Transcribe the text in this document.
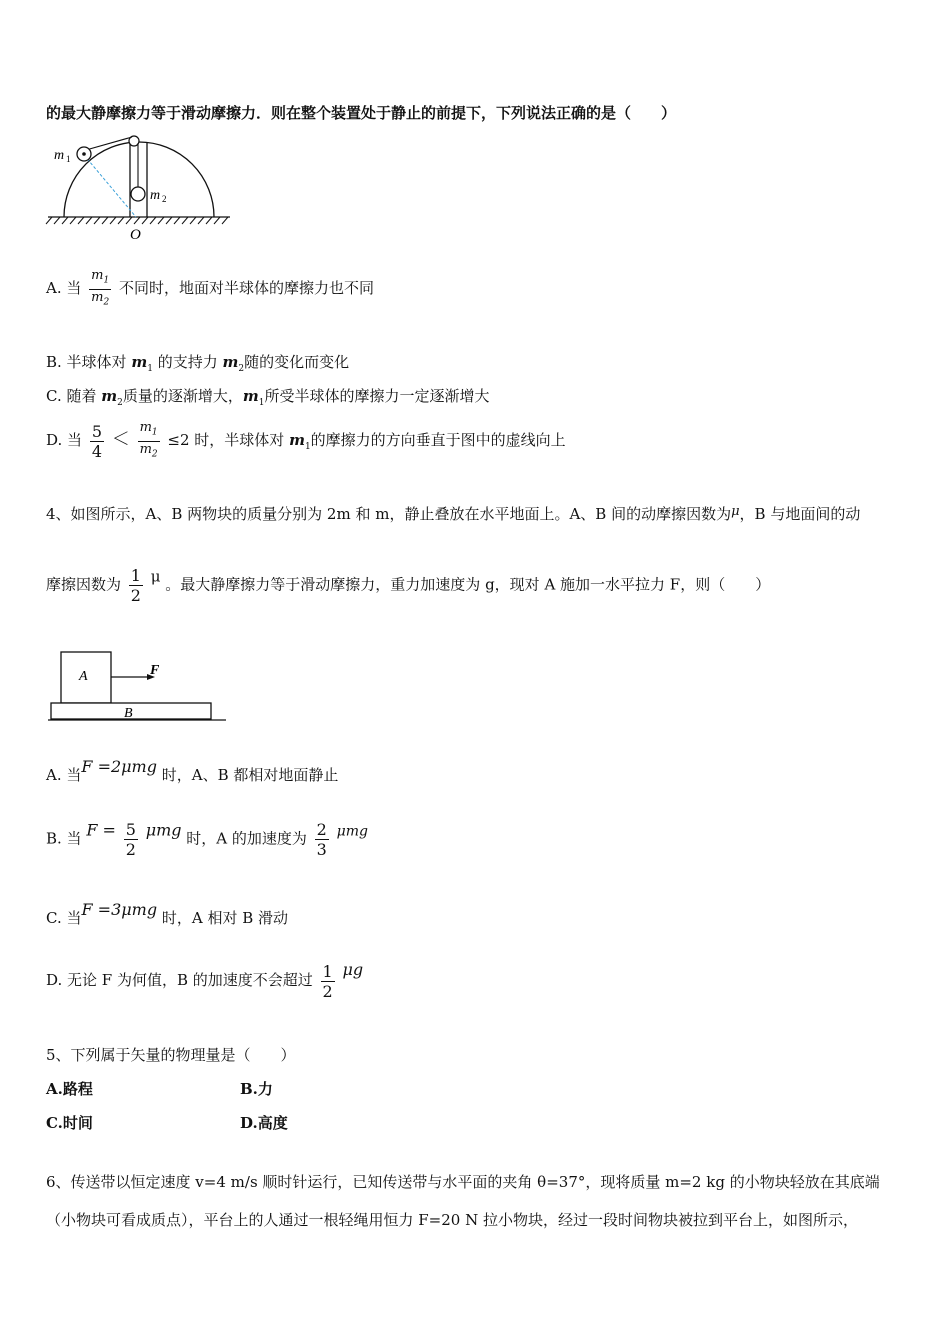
的最大静摩擦力等于滑动摩擦力．则在整个装置处于静止的前提下，下列说法正确的是（　　）
m 1
m 2
O
A. 当 $\frac{m_1}{m_2}$ 不同时，地面对半球体的摩擦力也不同
B. 半球体对 $m_1$ 的支持力 $m_2$随的变化而变化
C. 随着 $m_2$质量的逐渐增大，$m_1$所受半球体的摩擦力一定逐渐增大
D. 当 $\frac{5}{4} < \frac{m_1}{m_2} \le 2$ 时，半球体对 $m_1$的摩擦力的方向垂直于图中的虚线向上
4、如图所示，A、B 两物块的质量分别为 2m 和 m，静止叠放在水平地面上。A、B 间的动摩擦因数为μ，B 与地面间的动
摩擦因数为 $\frac{1}{2}$ μ 。最大静摩擦力等于滑动摩擦力，重力加速度为 g，现对 A 施加一水平拉力 F，则（　　）
A
B
F
A. 当F =2μmg 时，A、B 都相对地面静止
B. 当 $F = \frac{5}{2}$ μmg 时，A 的加速度为 $\frac{2}{3}$ μmg
C. 当F =3μmg 时，A 相对 B 滑动
D. 无论 F 为何值，B 的加速度不会超过 $\frac{1}{2}$ μg
5、下列属于矢量的物理量是（　　）
A.路程	B.力
C.时间	D.高度
6、传送带以恒定速度 v=4 m/s 顺时针运行，已知传送带与水平面的夹角 θ=37°，现将质量 m=2 kg 的小物块轻放在其底端
（小物块可看成质点），平台上的人通过一根轻绳用恒力 F=20 N 拉小物块，经过一段时间物块被拉到平台上，如图所示，
